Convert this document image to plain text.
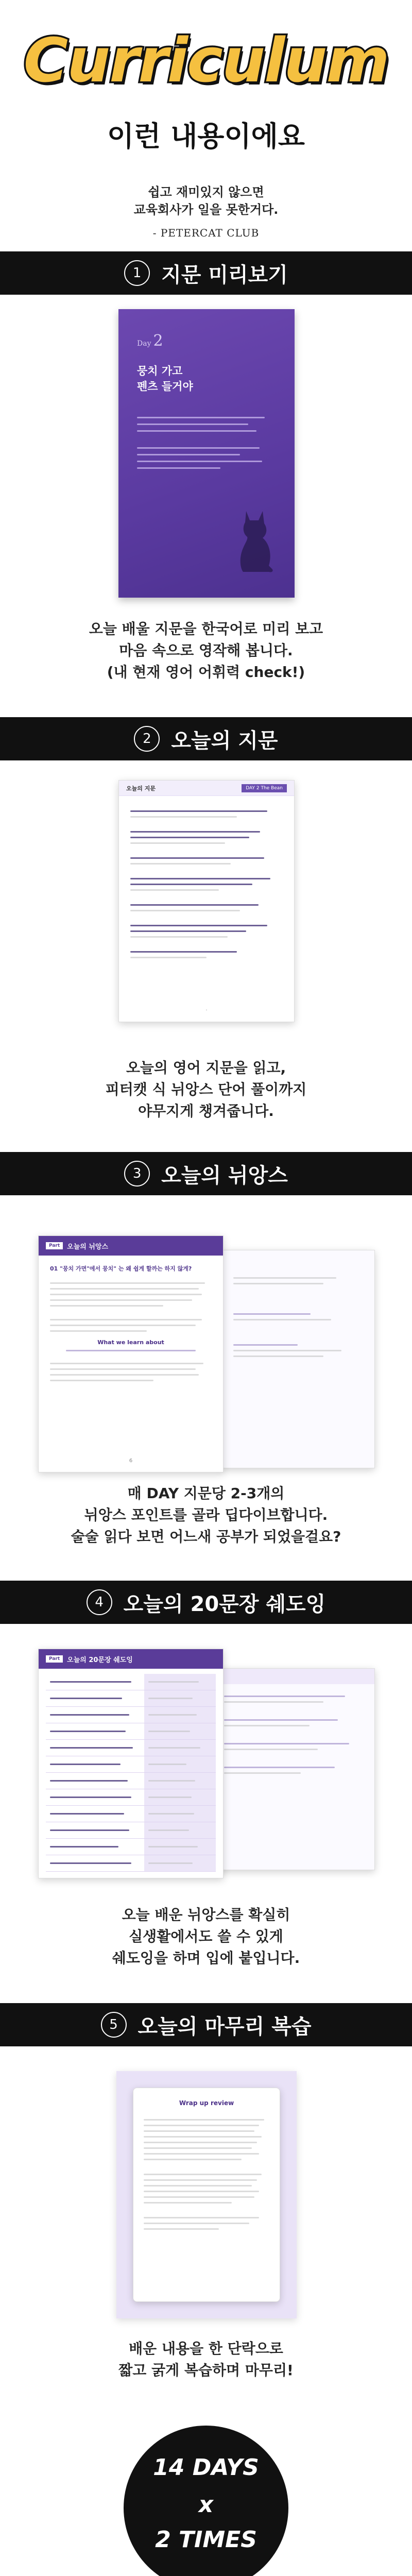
Curriculum
이런 내용이에요
쉽고 재미있지 않으면
교육회사가 일을 못한거다.
- PETERCAT CLUB
1 지문 미리보기
Day 2
뭉치 가고
펜츠 들거야
오늘 배울 지문을 한국어로 미리 보고
마음 속으로 영작해 봅니다.
(내 현재 영어 어휘력 check!)
2 오늘의 지문
오늘의 지문	DAY 2 The Bean
·
오늘의 영어 지문을 읽고,
피터캣 식 뉘앙스 단어 풀이까지
야무지게 챙겨줍니다.
3 오늘의 뉘앙스
Part	오늘의 뉘앙스
01 "뭉치 가면"에서 뭉치" 는 왜 쉽게 할까는 하지 않게?
What we learn about
6
매 DAY 지문당 2-3개의
뉘앙스 포인트를 골라 딥다이브합니다.
술술 읽다 보면 어느새 공부가 되었을걸요?
4 오늘의 20문장 쉐도잉
Part	오늘의 20문장 쉐도잉
오늘 배운 뉘앙스를 확실히
실생활에서도 쓸 수 있게
쉐도잉을 하며 입에 붙입니다.
5 오늘의 마무리 복습
Wrap up review
배운 내용을 한 단락으로
짧고 굵게 복습하며 마무리!
14 DAYS
x
2 TIMES
